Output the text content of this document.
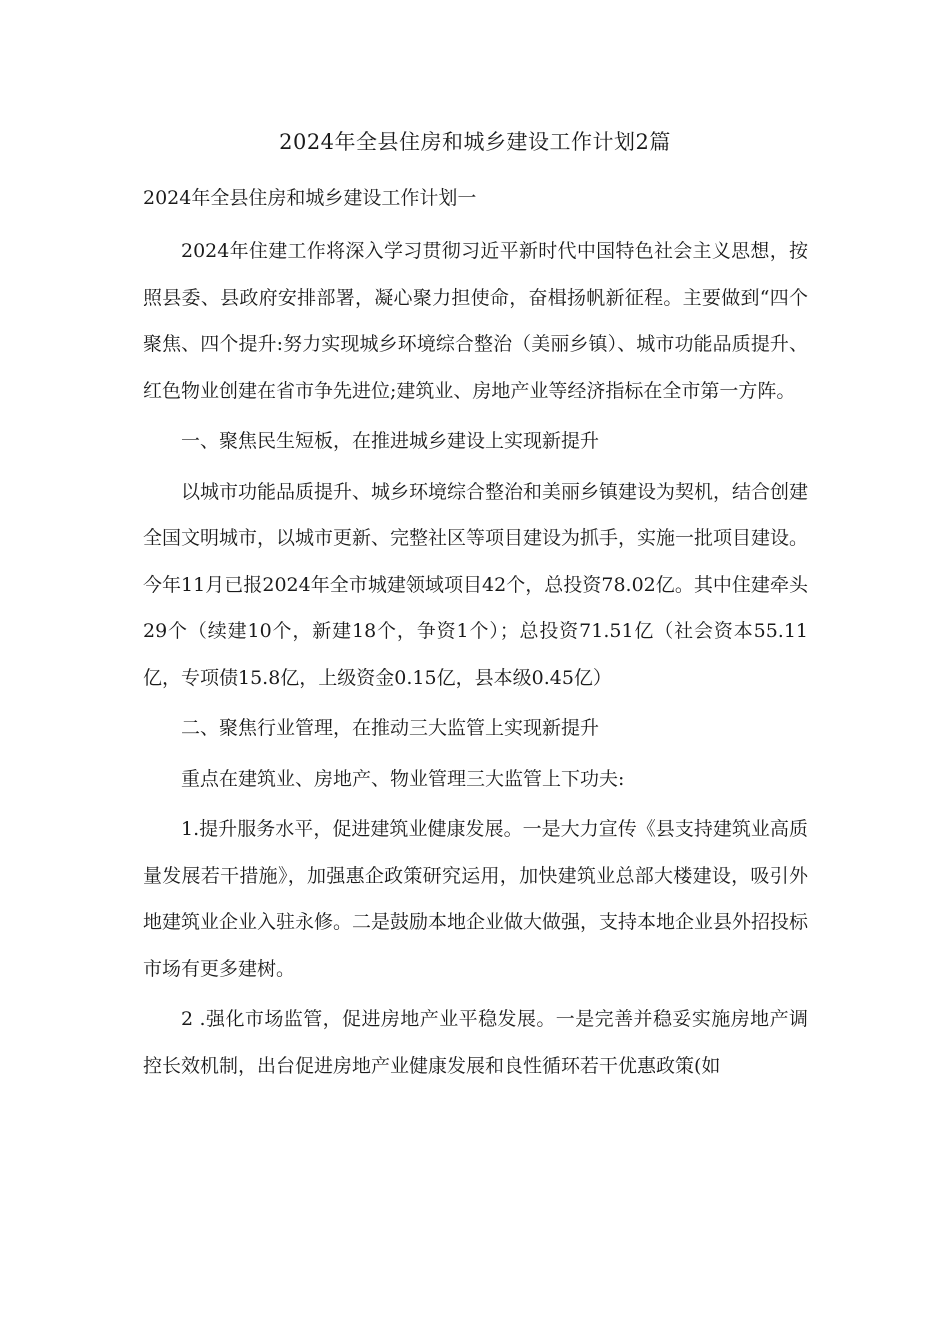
2024年全县住房和城乡建设工作计划2篇
2024年全县住房和城乡建设工作计划一

2024年住建工作将深入学习贯彻习近平新时代中国特色社会主义思想，按照县委、县政府安排部署，凝心聚力担使命，奋楫扬帆新征程。主要做到“四个聚焦、四个提升:努力实现城乡环境综合整治（美丽乡镇）、城市功能品质提升、红色物业创建在省市争先进位;建筑业、房地产业等经济指标在全市第一方阵。

一、聚焦民生短板，在推进城乡建设上实现新提升

以城市功能品质提升、城乡环境综合整治和美丽乡镇建设为契机，结合创建全国文明城市，以城市更新、完整社区等项目建设为抓手，实施一批项目建设。今年11月已报2024年全市城建领域项目42个，总投资78.02亿。其中住建牵头29个（续建10个，新建18个，争资1个）；总投资71.51亿（社会资本55.11亿，专项债15.8亿，上级资金0.15亿，县本级0.45亿）

二、聚焦行业管理，在推动三大监管上实现新提升

重点在建筑业、房地产、物业管理三大监管上下功夫:

1.提升服务水平，促进建筑业健康发展。一是大力宣传《县支持建筑业高质量发展若干措施》，加强惠企政策研究运用，加快建筑业总部大楼建设，吸引外地建筑业企业入驻永修。二是鼓励本地企业做大做强，支持本地企业县外招投标市场有更多建树。

2 .强化市场监管，促进房地产业平稳发展。一是完善并稳妥实施房地产调控长效机制，出台促进房地产业健康发展和良性循环若干优惠政策(如
